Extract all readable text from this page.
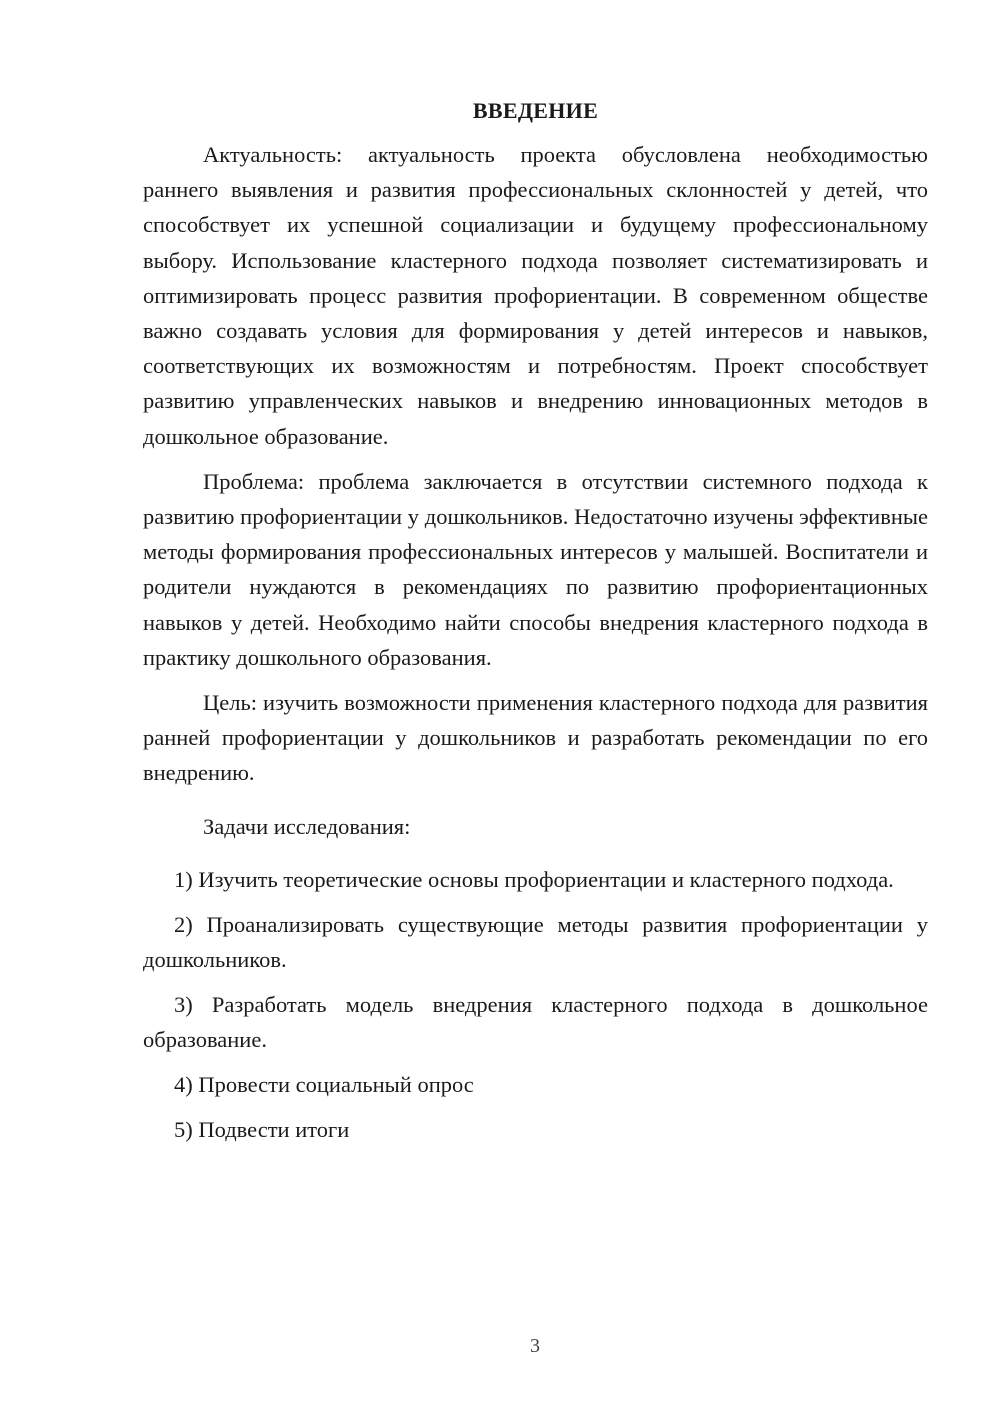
ВВЕДЕНИЕ

Актуальность: актуальность проекта обусловлена необходимостью раннего выявления и развития профессиональных склонностей у детей, что способствует их успешной социализации и будущему профессиональному выбору. Использование кластерного подхода позволяет систематизировать и оптимизировать процесс развития профориентации. В современном обществе важно создавать условия для формирования у детей интересов и навыков, соответствующих их возможностям и потребностям. Проект способствует развитию управленческих навыков и внедрению инновационных методов в дошкольное образование.

Проблема: проблема заключается в отсутствии системного подхода к развитию профориентации у дошкольников. Недостаточно изучены эффективные методы формирования профессиональных интересов у малышей. Воспитатели и родители нуждаются в рекомендациях по развитию профориентационных навыков у детей. Необходимо найти способы внедрения кластерного подхода в практику дошкольного образования.

Цель: изучить возможности применения кластерного подхода для развития ранней профориентации у дошкольников и разработать рекомендации по его внедрению.

Задачи исследования:

1) Изучить теоретические основы профориентации и кластерного подхода.

2) Проанализировать существующие методы развития профориентации у дошкольников.

3) Разработать модель внедрения кластерного подхода в дошкольное образование.

4) Провести социальный опрос

5) Подвести итоги

3
